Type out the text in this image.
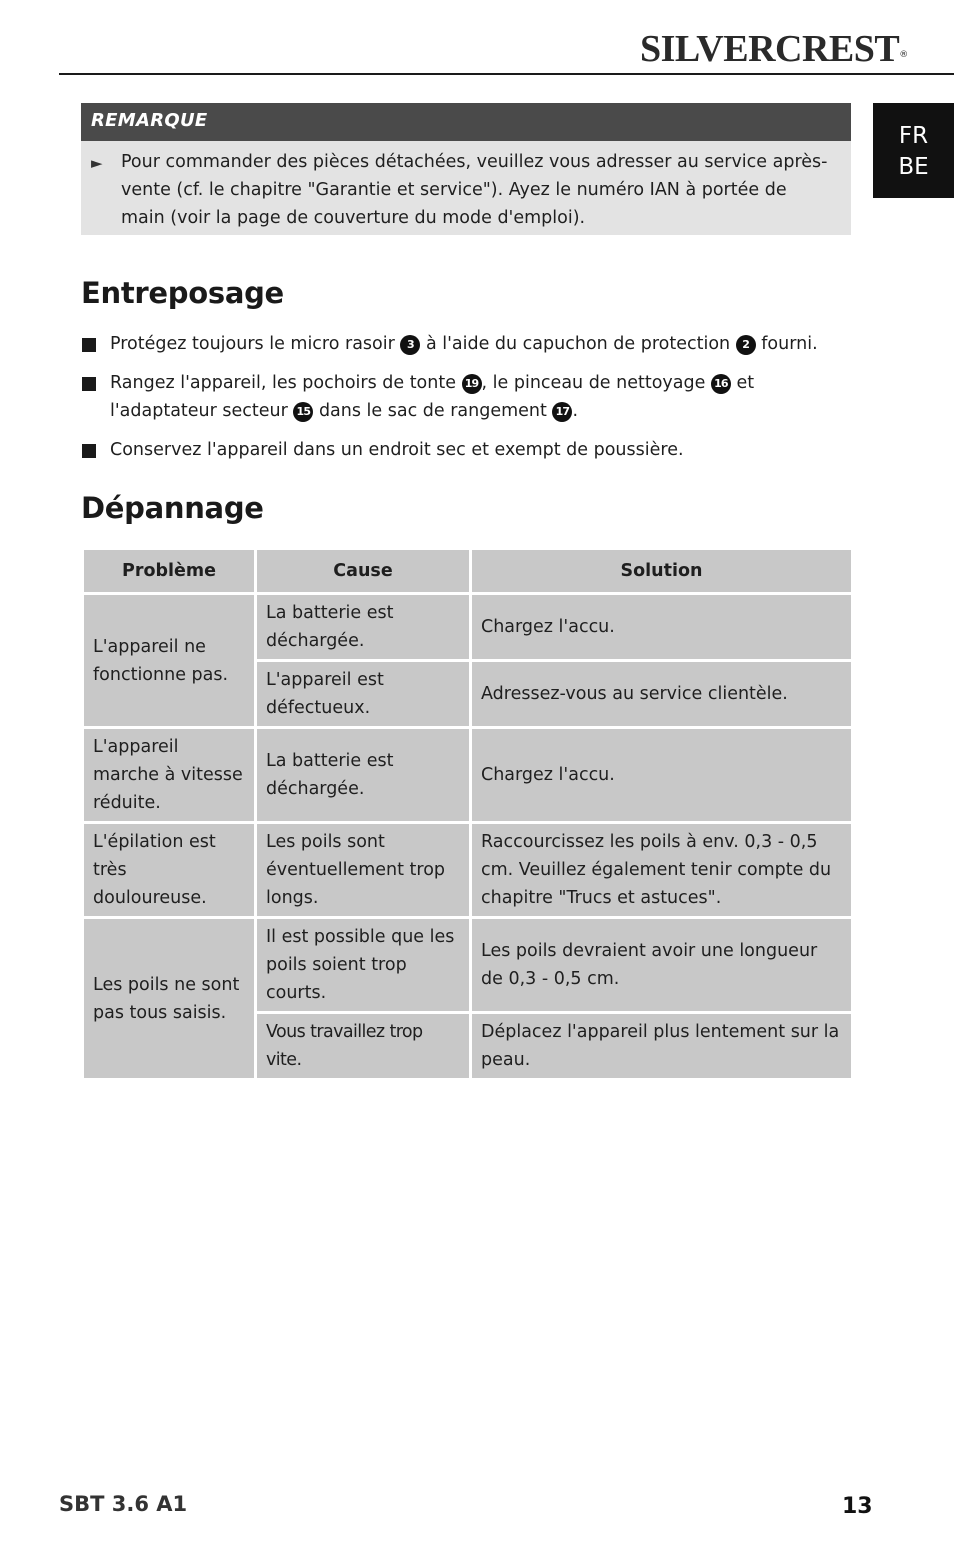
SILVERCREST®
FR
BE
REMARQUE
► Pour commander des pièces détachées, veuillez vous adresser au service après-vente (cf. le chapitre "Garantie et service"). Ayez le numéro IAN à portée de main (voir la page de couverture du mode d'emploi).
Entreposage
Protégez toujours le micro rasoir 3 à l'aide du capuchon de protection 2 fourni.
Rangez l'appareil, les pochoirs de tonte 19 , le pinceau de nettoyage 16 et l'adaptateur secteur 15 dans le sac de rangement 17 .
Conservez l'appareil dans un endroit sec et exempt de poussière.
Dépannage
Problème	Cause	Solution
L'appareil ne fonctionne pas.	La batterie est déchargée.	Chargez l'accu.
	L'appareil est défectueux.	Adressez-vous au service clientèle.
L'appareil marche à vitesse réduite.	La batterie est déchargée.	Chargez l'accu.
L'épilation est très douloureuse.	Les poils sont éventuellement trop longs.	Raccourcissez les poils à env. 0,3 - 0,5 cm. Veuillez également tenir compte du chapitre "Trucs et astuces".
Les poils ne sont pas tous saisis.	Il est possible que les poils soient trop courts.	Les poils devraient avoir une longueur de 0,3 - 0,5 cm.
	Vous travaillez trop vite.	Déplacez l'appareil plus lentement sur la peau.
SBT 3.6 A1	13
